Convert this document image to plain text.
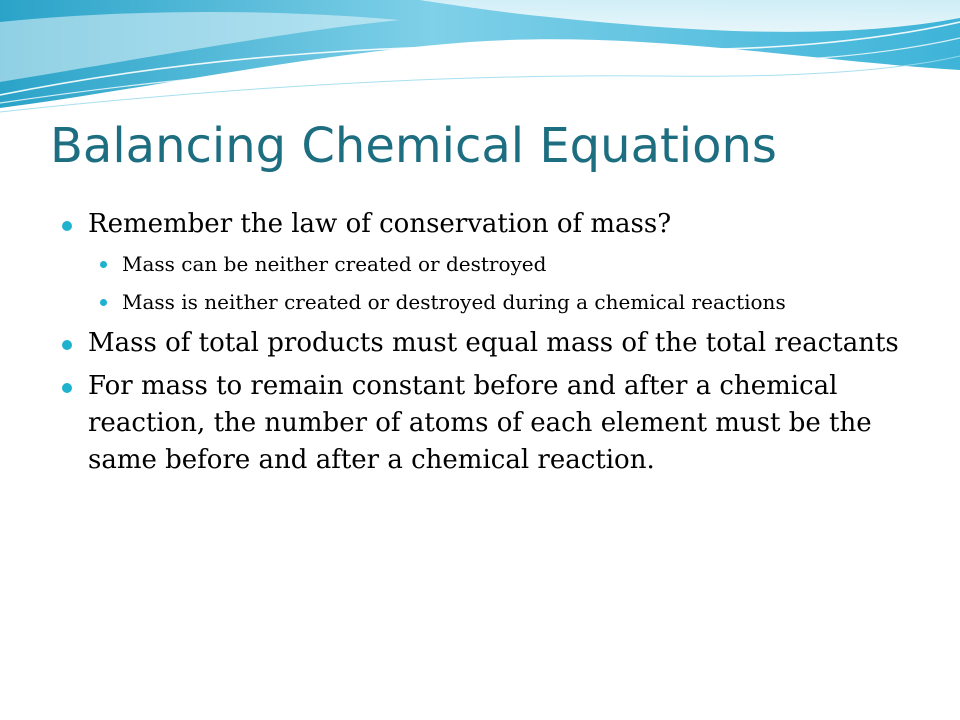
Balancing Chemical Equations
Remember the law of conservation of mass?
Mass can be neither created or destroyed
Mass is neither created or destroyed during a chemical reactions
Mass of total products must equal mass of the total reactants
For mass to remain constant before and after a chemical reaction, the number of atoms of each element must be the same before and after a chemical reaction.
